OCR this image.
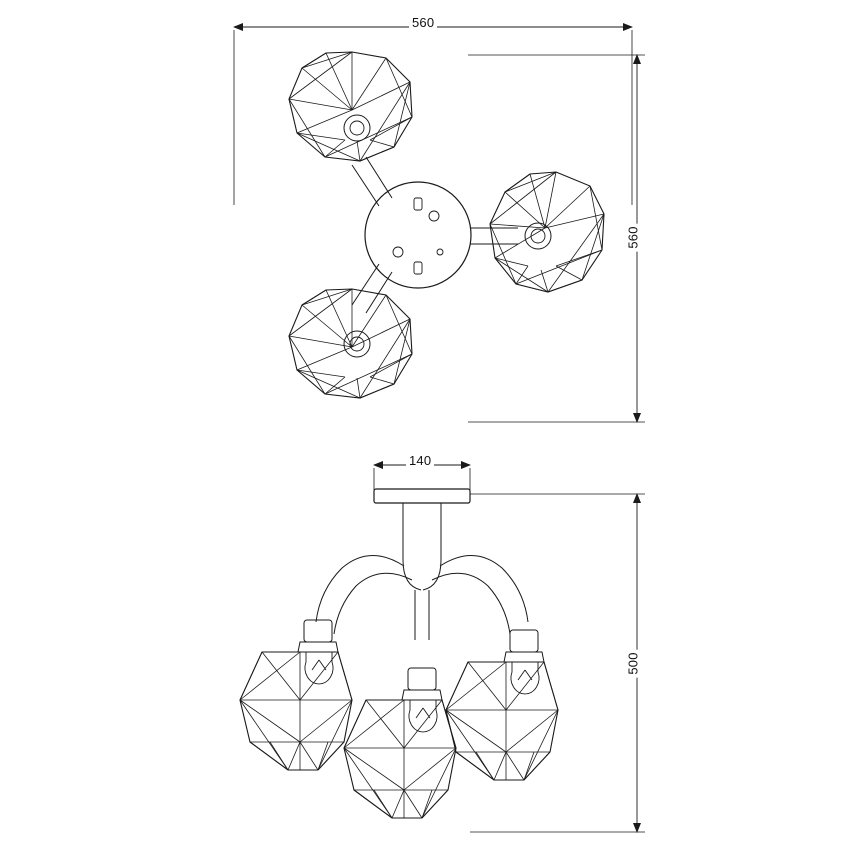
560
560
140
500
